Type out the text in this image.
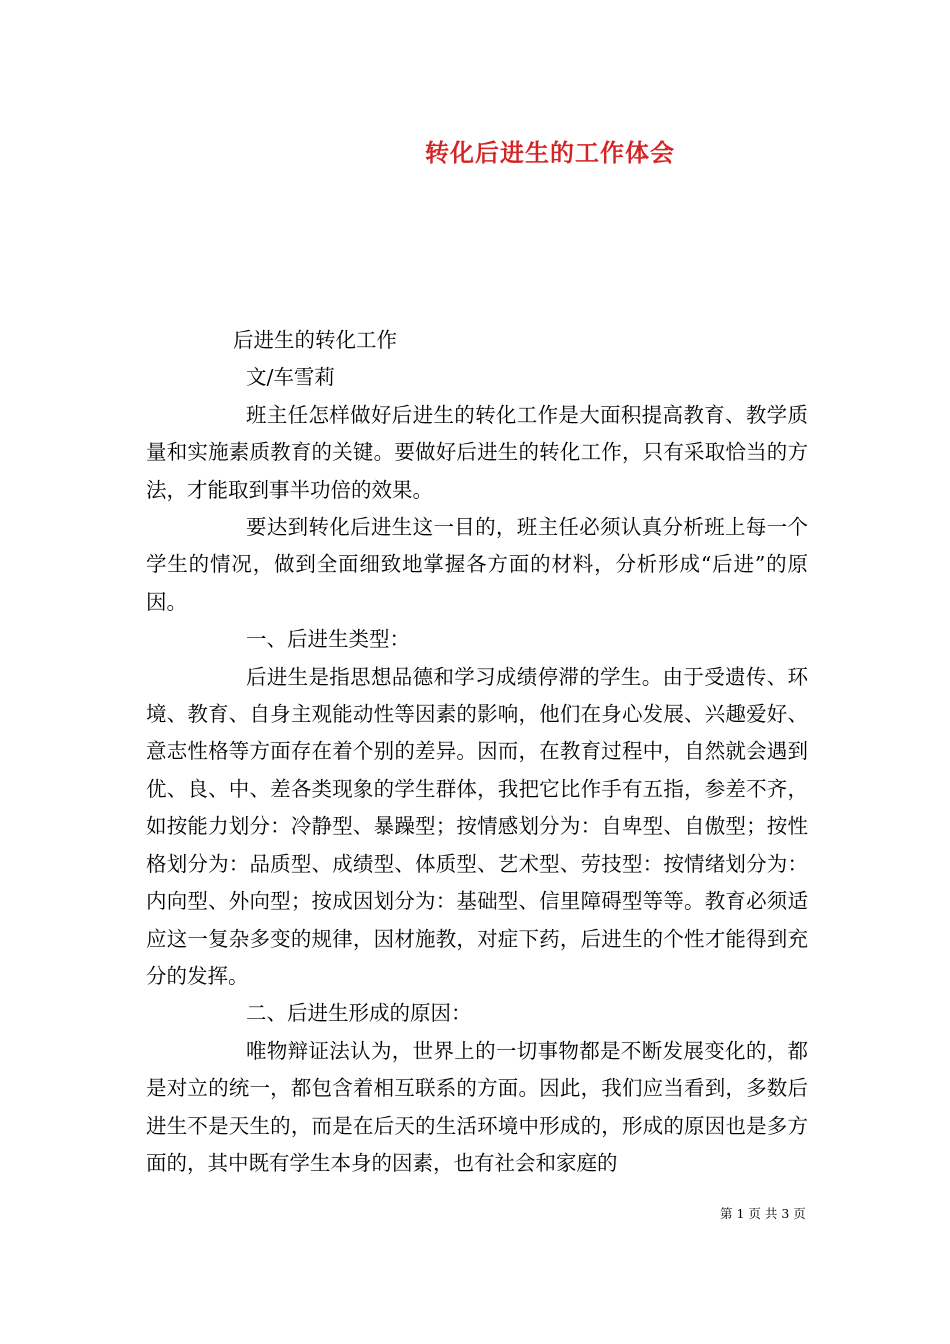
转化后进生的工作体会

后进生的转化工作

文/车雪莉

班主任怎样做好后进生的转化工作是大面积提高教育、教学质量和实施素质教育的关键。要做好后进生的转化工作，只有采取恰当的方法，才能取到事半功倍的效果。

要达到转化后进生这一目的，班主任必须认真分析班上每一个学生的情况，做到全面细致地掌握各方面的材料，分析形成“后进”的原因。

一、后进生类型：

后进生是指思想品德和学习成绩停滞的学生。由于受遗传、环境、教育、自身主观能动性等因素的影响，他们在身心发展、兴趣爱好、意志性格等方面存在着个别的差异。因而，在教育过程中，自然就会遇到优、良、中、差各类现象的学生群体，我把它比作手有五指，参差不齐，如按能力划分：冷静型、暴躁型；按情感划分为：自卑型、自傲型；按性格划分为：品质型、成绩型、体质型、艺术型、劳技型：按情绪划分为：内向型、外向型；按成因划分为：基础型、信里障碍型等等。教育必须适应这一复杂多变的规律，因材施教，对症下药，后进生的个性才能得到充分的发挥。

二、后进生形成的原因：

唯物辩证法认为，世界上的一切事物都是不断发展变化的，都是对立的统一，都包含着相互联系的方面。因此，我们应当看到，多数后进生不是天生的，而是在后天的生活环境中形成的，形成的原因也是多方面的，其中既有学生本身的因素，也有社会和家庭的

第 1 页 共 3 页
